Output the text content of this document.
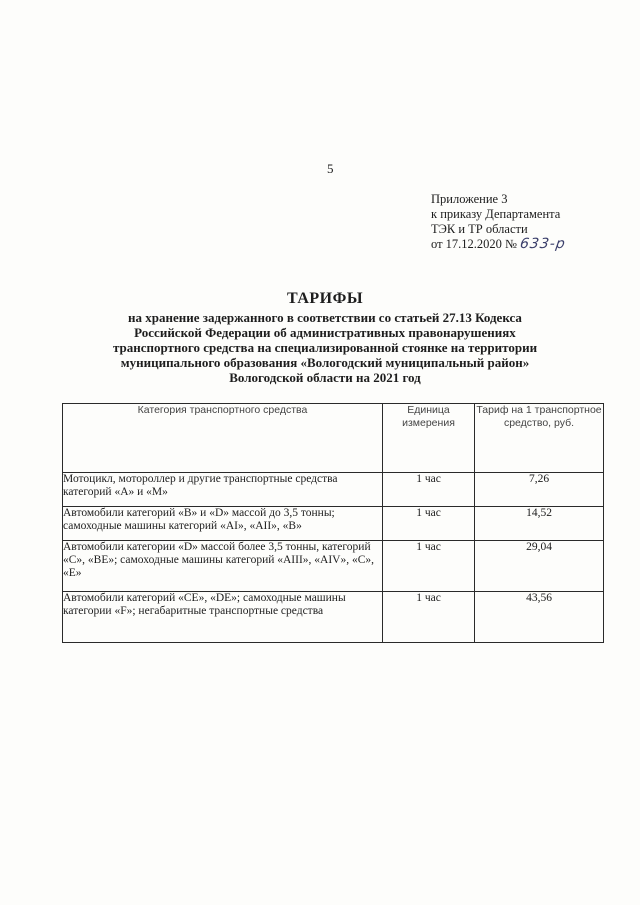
5
Приложение 3
к приказу Департамента
ТЭК и ТР области
от 17.12.2020 № 633-р
ТАРИФЫ
на хранение задержанного в соответствии со статьей 27.13 Кодекса
Российской Федерации об административных правонарушениях
транспортного средства на специализированной стоянке на территории
муниципального образования «Вологодский муниципальный район»
Вологодской области на 2021 год
Категория транспортного средства	Единица измерения	Тариф на 1 транспортное средство, руб.
Мотоцикл, мотороллер и другие транспортные средства категорий «А» и «М»	1 час	7,26
Автомобили категорий «B» и «D» массой до 3,5 тонны; самоходные машины категорий «AI», «AII», «B»	1 час	14,52
Автомобили категории «D» массой более 3,5 тонны, категорий «C», «BE»; самоходные машины категорий «AIII», «AIV», «C», «E»	1 час	29,04
Автомобили категорий «CE», «DE»; самоходные машины категории «F»; негабаритные транспортные средства	1 час	43,56
